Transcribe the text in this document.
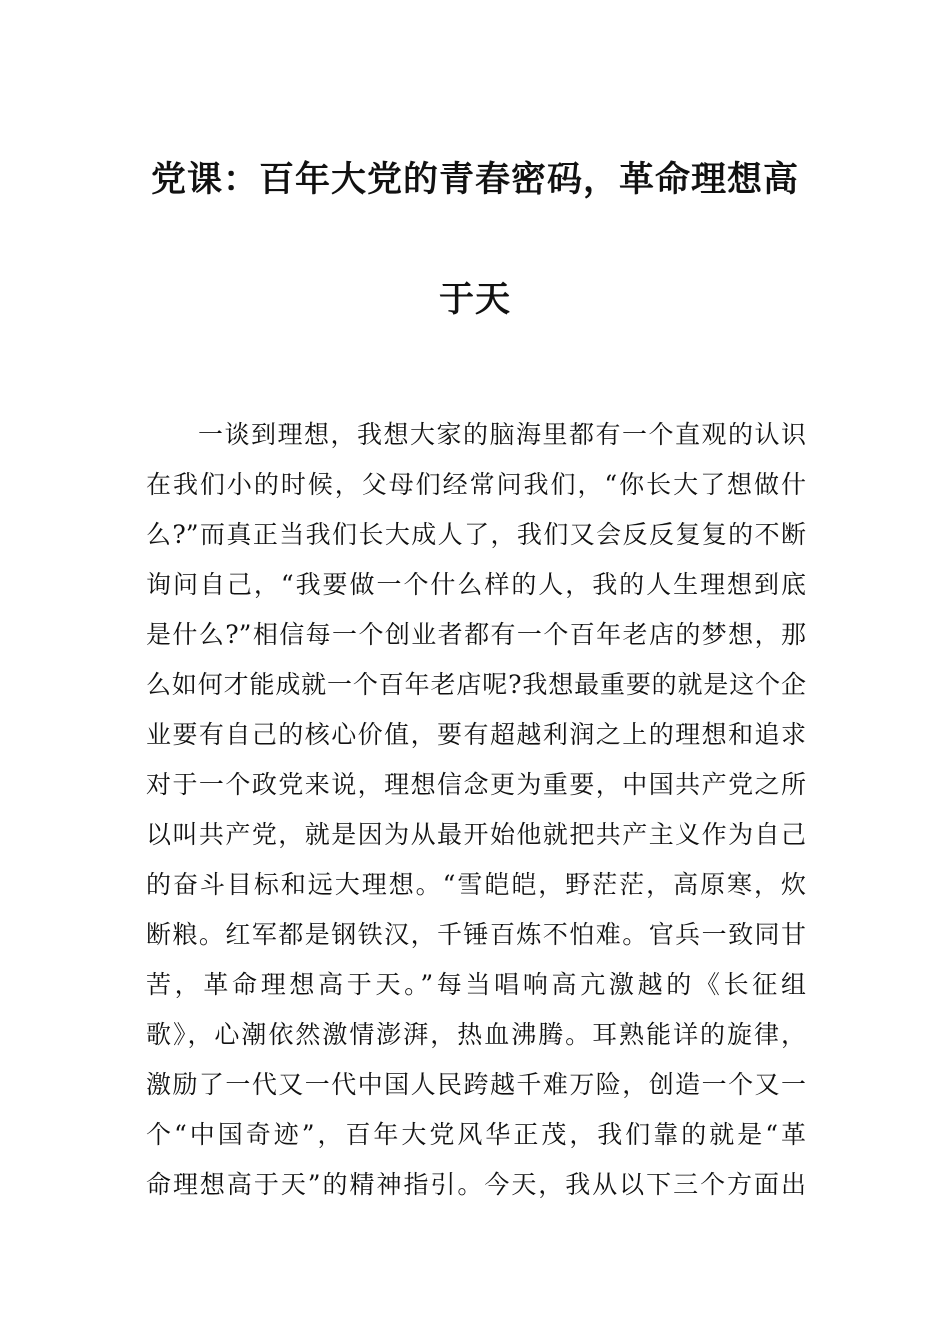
党课：百年大党的青春密码，革命理想高
于天
一谈到理想，我想大家的脑海里都有一个直观的认识
在我们小的时候，父母们经常问我们，“你长大了想做什
么?”而真正当我们长大成人了，我们又会反反复复的不断
询问自己，“我要做一个什么样的人，我的人生理想到底
是什么?”相信每一个创业者都有一个百年老店的梦想，那
么如何才能成就一个百年老店呢?我想最重要的就是这个企
业要有自己的核心价值，要有超越利润之上的理想和追求
对于一个政党来说，理想信念更为重要，中国共产党之所
以叫共产党，就是因为从最开始他就把共产主义作为自己
的奋斗目标和远大理想。“雪皑皑，野茫茫，高原寒，炊
断粮。红军都是钢铁汉，千锤百炼不怕难。官兵一致同甘
苦，革命理想高于天。”每当唱响高亢激越的《长征组
歌》，心潮依然激情澎湃，热血沸腾。耳熟能详的旋律，
激励了一代又一代中国人民跨越千难万险，创造一个又一
个“中国奇迹”，百年大党风华正茂，我们靠的就是“革
命理想高于天”的精神指引。今天，我从以下三个方面出
